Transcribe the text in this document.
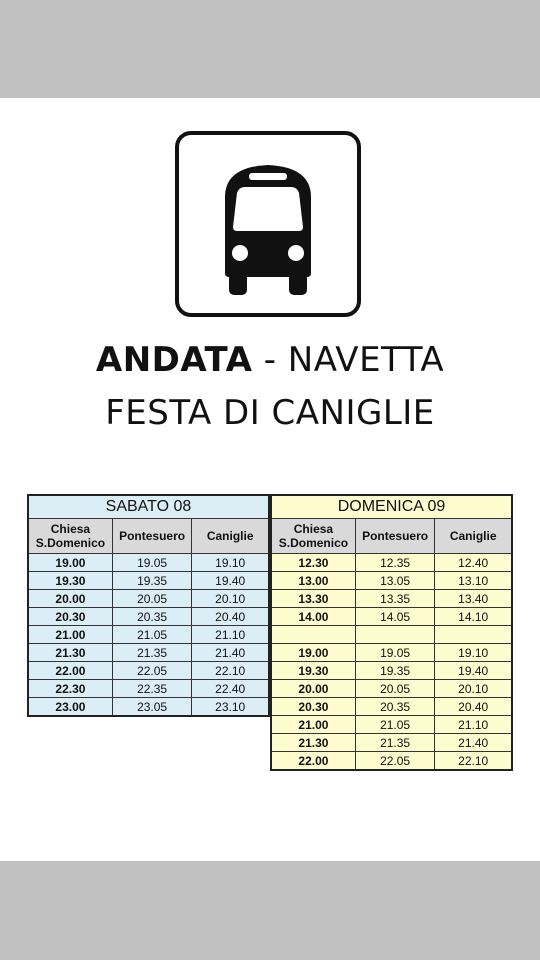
ANDATA - NAVETTA
FESTA DI CANIGLIE
SABATO 08		
Chiesa
S.Domenico	Pontesuero	Caniglie
19.00	19.05	19.10
19.30	19.35	19.40
20.00	20.05	20.10
20.30	20.35	20.40
21.00	21.05	21.10
21.30	21.35	21.40
22.00	22.05	22.10
22.30	22.35	22.40
23.00	23.05	23.10
DOMENICA 09		
Chiesa
S.Domenico	Pontesuero	Caniglie
12.30	12.35	12.40
13.00	13.05	13.10
13.30	13.35	13.40
14.00	14.05	14.10

19.00	19.05	19.10
19.30	19.35	19.40
20.00	20.05	20.10
20.30	20.35	20.40
21.00	21.05	21.10
21.30	21.35	21.40
22.00	22.05	22.10
